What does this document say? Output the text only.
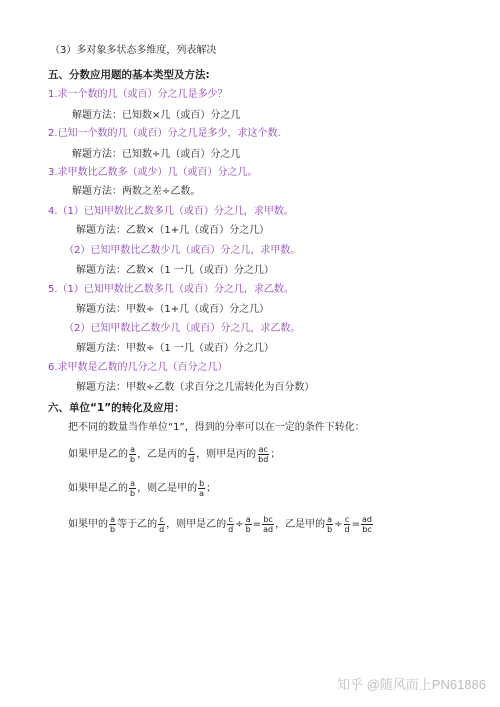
（3）多对象多状态多维度，列表解决
五、分数应用题的基本类型及方法:
1.求一个数的几（或百）分之几是多少？
解题方法：已知数×几（或百）分之几
2.已知一个数的几（或百）分之几是多少，求这个数.
解题方法：已知数÷几（或百）分之几
3.求甲数比乙数多（或少）几（或百）分之几。
解题方法：两数之差÷乙数。
4.（1）已知甲数比乙数多几（或百）分之几，求甲数。
解题方法：乙数×（1+几（或百）分之几）
（2）已知甲数比乙数少几（或百）分之几，求甲数。
解题方法：乙数×（1 一几（或百）分之几）
5.（1）已知甲数比乙数多几（或百）分之几，求乙数。
解题方法：甲数÷（1+几（或百）分之几）
（2）已知甲数比乙数少几（或百）分之几，求乙数。
解题方法：甲数÷（1 一几（或百）分之几）
6.求甲数是乙数的几分之几（百分之几）
解题方法：甲数÷乙数（求百分之几需转化为百分数）
六、单位“1”的转化及应用：
把不同的数量当作单位“1”，得到的分率可以在一定的条件下转化：
如果甲是乙的 $\frac{a}{b}$ ，乙是丙的 $\frac{c}{d}$ ，则甲是丙的 $\frac{ac}{bd}$ ；
如果甲是乙的 $\frac{a}{b}$ ，则乙是甲的 $\frac{b}{a}$ ；
如果甲的 $\frac{a}{b}$ 等于乙的 $\frac{c}{d}$ ，则甲是乙的 $\frac{c}{d} \div \frac{a}{b} = \frac{bc}{ad}$ ，乙是甲的 $\frac{a}{b} \div \frac{c}{d} = \frac{ad}{bc}$
知乎 @随风而上PN61886
